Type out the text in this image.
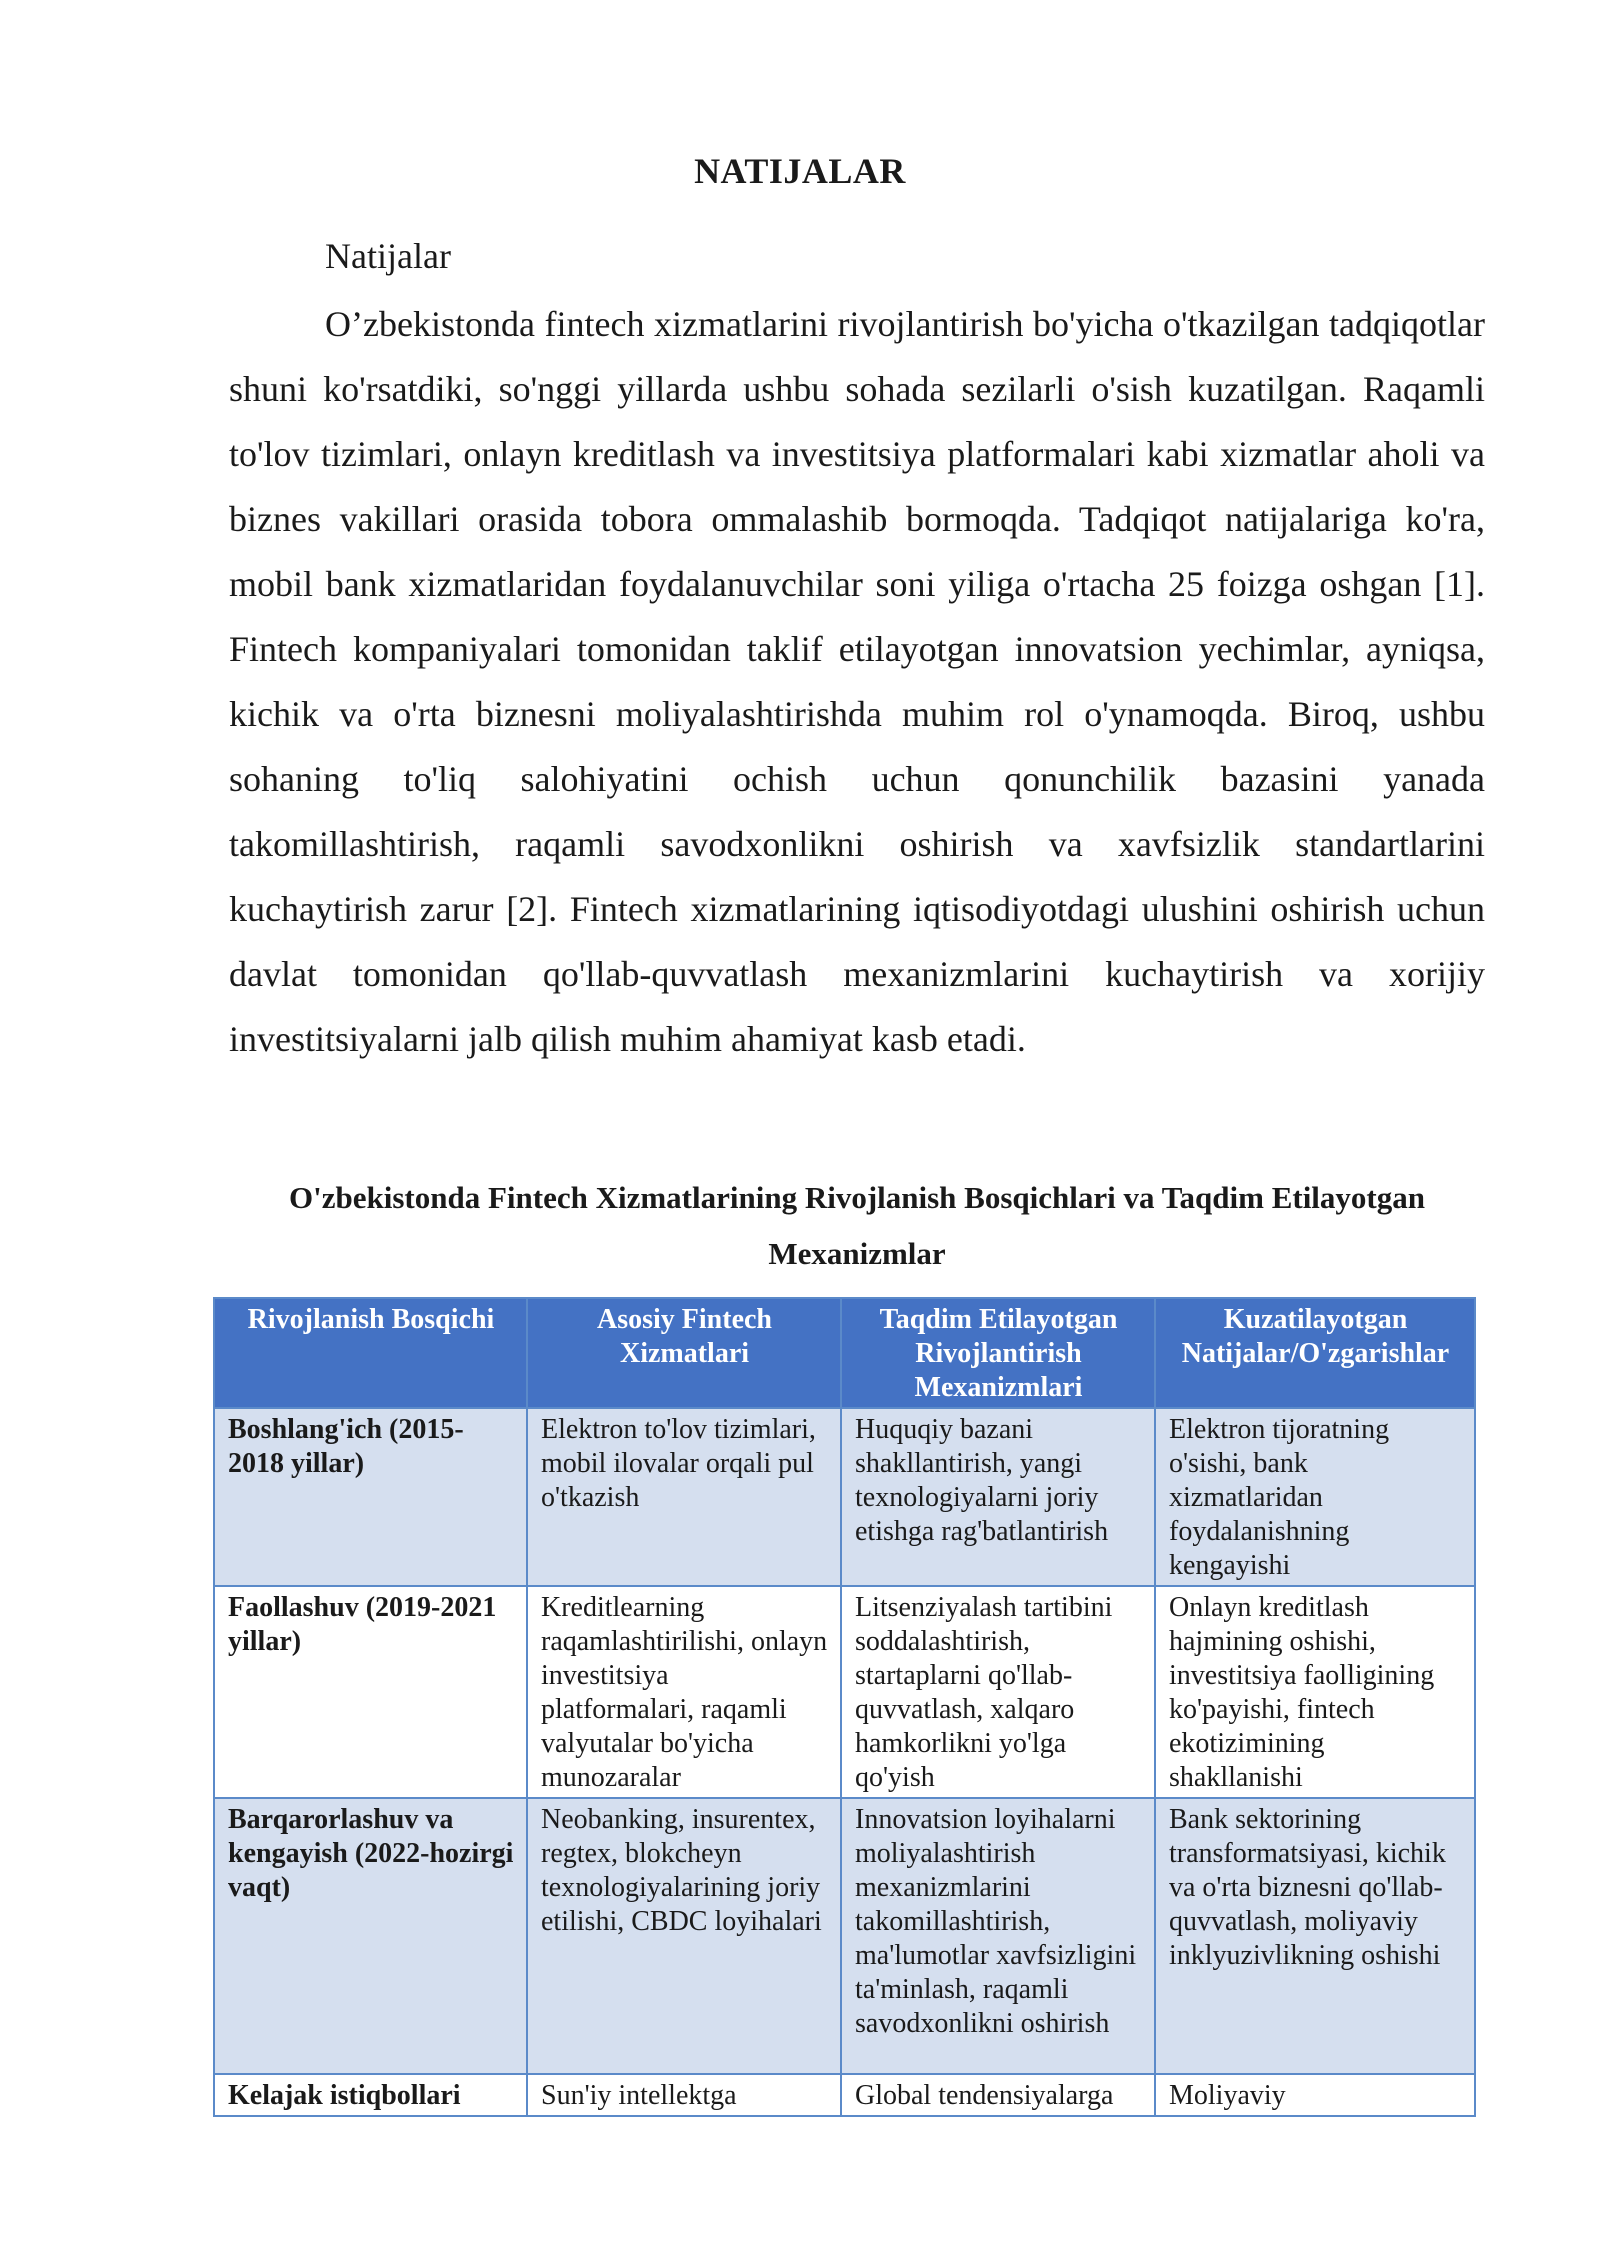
NATIJALAR
Natijalar

O’zbekistonda fintech xizmatlarini rivojlantirish bo'yicha o'tkazilgan tadqiqotlar shuni ko'rsatdiki, so'nggi yillarda ushbu sohada sezilarli o'sish kuzatilgan. Raqamli to'lov tizimlari, onlayn kreditlash va investitsiya platformalari kabi xizmatlar aholi va biznes vakillari orasida tobora ommalashib bormoqda. Tadqiqot natijalariga ko'ra, mobil bank xizmatlaridan foydalanuvchilar soni yiliga o'rtacha 25 foizga oshgan [1]. Fintech kompaniyalari tomonidan taklif etilayotgan innovatsion yechimlar, ayniqsa, kichik va o'rta biznesni moliyalashtirishda muhim rol o'ynamoqda. Biroq, ushbu sohaning to'liq salohiyatini ochish uchun qonunchilik bazasini yanada takomillashtirish, raqamli savodxonlikni oshirish va xavfsizlik standartlarini kuchaytirish zarur [2]. Fintech xizmatlarining iqtisodiyotdagi ulushini oshirish uchun davlat tomonidan qo'llab-quvvatlash mexanizmlarini kuchaytirish va xorijiy investitsiyalarni jalb qilish muhim ahamiyat kasb etadi.

O'zbekistonda Fintech Xizmatlarining Rivojlanish Bosqichlari va Taqdim Etilayotgan Mexanizmlar
Rivojlanish Bosqichi	Asosiy Fintech Xizmatlari	Taqdim Etilayotgan Rivojlantirish Mexanizmlari	Kuzatilayotgan Natijalar/O'zgarishlar
Boshlang'ich (2015-2018 yillar)	Elektron to'lov tizimlari, mobil ilovalar orqali pul o'tkazish	Huquqiy bazani shakllantirish, yangi texnologiyalarni joriy etishga rag'batlantirish	Elektron tijoratning o'sishi, bank xizmatlaridan foydalanishning kengayishi
Faollashuv (2019-2021 yillar)	Kreditlearning raqamlashtirilishi, onlayn investitsiya platformalari, raqamli valyutalar bo'yicha munozaralar	Litsenziyalash tartibini soddalashtirish, startaplarni qo'llab-quvvatlash, xalqaro hamkorlikni yo'lga qo'yish	Onlayn kreditlash hajmining oshishi, investitsiya faolligining ko'payishi, fintech ekotizimining shakllanishi
Barqarorlashuv va kengayish (2022-hozirgi vaqt)	Neobanking, insurentex, regtex, blokcheyn texnologiyalarining joriy etilishi, CBDC loyihalari	Innovatsion loyihalarni moliyalashtirish mexanizmlarini takomillashtirish, ma'lumotlar xavfsizligini ta'minlash, raqamli savodxonlikni oshirish	Bank sektorining transformatsiyasi, kichik va o'rta biznesni qo'llab-quvvatlash, moliyaviy inklyuzivlikning oshishi
Kelajak istiqbollari	Sun'iy intellektga	Global tendensiyalarga	Moliyaviy
